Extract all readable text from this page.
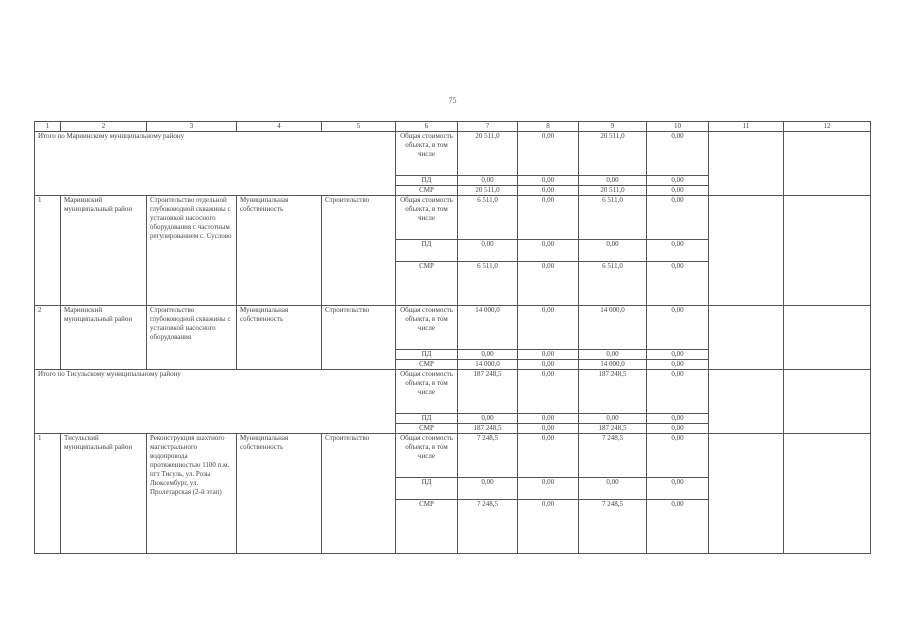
75
1	2	3	4	5	6	7	8	9	10	11	12
Итого по Мариинскому муниципальному району					Общая стоимость объекта, в том числе	20 511,0	0,00	20 511,0	0,00		
					ПД	0,00	0,00	0,00	0,00		
					СМР	20 511,0	0,00	20 511,0	0,00		
1	Мариинский муниципальный район	Строительство отдельной глубоководной скважины с установкой насосного оборудования с частотным регулированием с. Сусловo	Муниципальная собственность	Строительство	Общая стоимость объекта, в том числе	6 511,0	0,00	6 511,0	0,00		
					ПД	0,00	0,00	0,00	0,00		
					СМР	6 511,0	0,00	6 511,0	0,00		
2	Мариинский муниципальный район	Строительство глубоководной скважины с установкой насосного оборудования	Муниципальная собственность	Строительство	Общая стоимость объекта, в том числе	14 000,0	0,00	14 000,0	0,00		
					ПД	0,00	0,00	0,00	0,00		
					СМР	14 000,0	0,00	14 000,0	0,00		
Итого по Тисульскому муниципальному району					Общая стоимость объекта, в том числе	187 248,5	0,00	187 248,5	0,00		
					ПД	0,00	0,00	0,00	0,00		
					СМР	187 248,5	0,00	187 248,5	0,00		
1	Тисульский муниципальный район	Реконструкция шахтного магистрального водопровода протяженностью 1100 п.м. пгт Тисуль, ул. Розы Люксембург, ул. Пролетарская (2-й этап)	Муниципальная собственность	Строительство	Общая стоимость объекта, в том числе	7 248,5	0,00	7 248,5	0,00		
					ПД	0,00	0,00	0,00	0,00		
					СМР	7 248,5	0,00	7 248,5	0,00		
